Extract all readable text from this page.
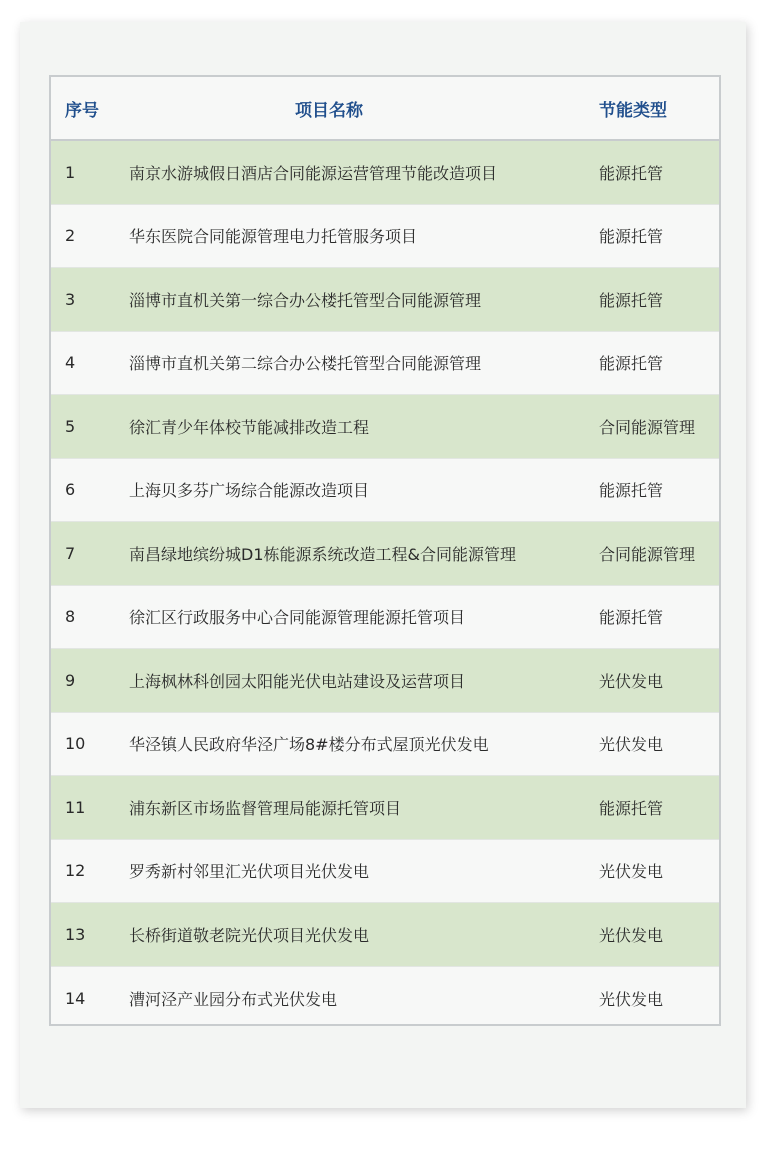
序号	项目名称	节能类型
1	南京水游城假日酒店合同能源运营管理节能改造项目	能源托管
2	华东医院合同能源管理电力托管服务项目	能源托管
3	淄博市直机关第一综合办公楼托管型合同能源管理	能源托管
4	淄博市直机关第二综合办公楼托管型合同能源管理	能源托管
5	徐汇青少年体校节能减排改造工程	合同能源管理
6	上海贝多芬广场综合能源改造项目	能源托管
7	南昌绿地缤纷城D1栋能源系统改造工程&合同能源管理	合同能源管理
8	徐汇区行政服务中心合同能源管理能源托管项目	能源托管
9	上海枫林科创园太阳能光伏电站建设及运营项目	光伏发电
10	华泾镇人民政府华泾广场8#楼分布式屋顶光伏发电	光伏发电
11	浦东新区市场监督管理局能源托管项目	能源托管
12	罗秀新村邻里汇光伏项目光伏发电	光伏发电
13	长桥街道敬老院光伏项目光伏发电	光伏发电
14	漕河泾产业园分布式光伏发电	光伏发电
